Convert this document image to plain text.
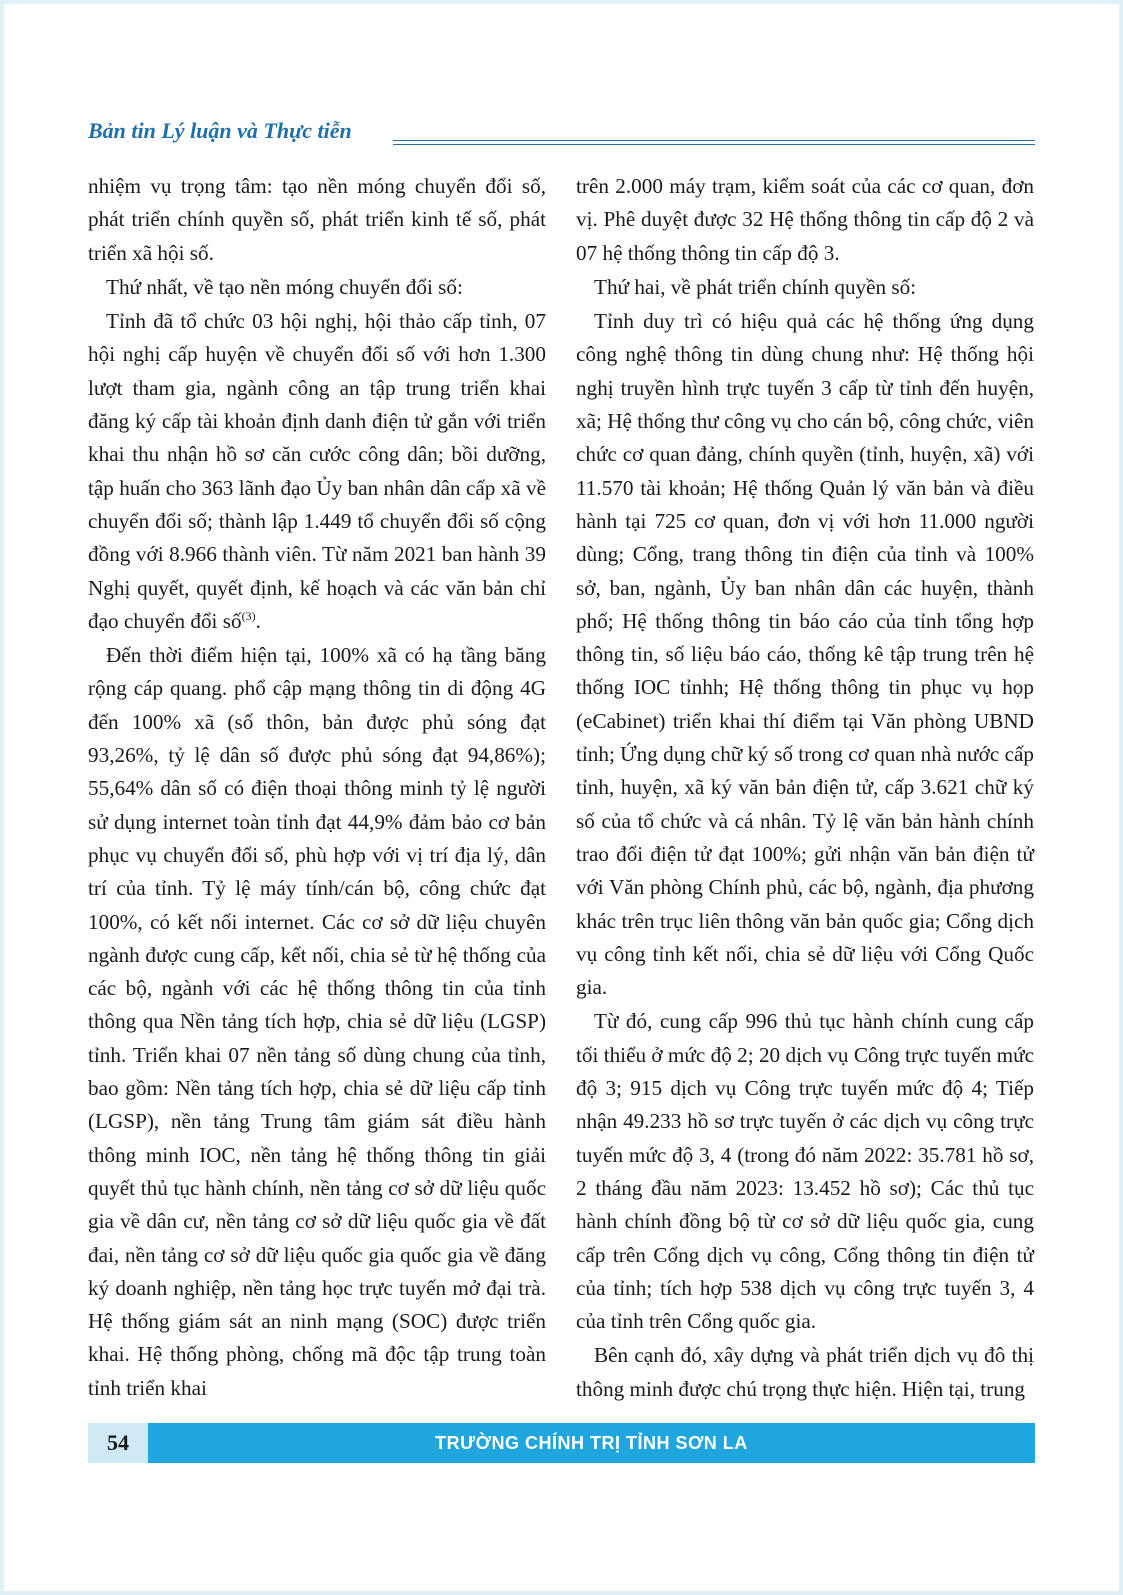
Bản tin Lý luận và Thực tiễn

nhiệm vụ trọng tâm: tạo nền móng chuyển đổi số, phát triển chính quyền số, phát triển kinh tế số, phát triển xã hội số.

Thứ nhất, về tạo nền móng chuyển đổi số:

Tỉnh đã tổ chức 03 hội nghị, hội thảo cấp tỉnh, 07 hội nghị cấp huyện về chuyển đổi số với hơn 1.300 lượt tham gia, ngành công an tập trung triển khai đăng ký cấp tài khoản định danh điện tử gắn với triển khai thu nhận hồ sơ căn cước công dân; bồi dưỡng, tập huấn cho 363 lãnh đạo Ủy ban nhân dân cấp xã về chuyển đổi số; thành lập 1.449 tổ chuyển đổi số cộng đồng với 8.966 thành viên. Từ năm 2021 ban hành 39 Nghị quyết, quyết định, kế hoạch và các văn bản chỉ đạo chuyển đổi số$^{(3)}$.

Đến thời điểm hiện tại, 100% xã có hạ tầng băng rộng cáp quang. phổ cập mạng thông tin di động 4G đến 100% xã (số thôn, bản được phủ sóng đạt 93,26%, tỷ lệ dân số được phủ sóng đạt 94,86%); 55,64% dân số có điện thoại thông minh tỷ lệ người sử dụng internet toàn tỉnh đạt 44,9% đảm bảo cơ bản phục vụ chuyển đổi số, phù hợp với vị trí địa lý, dân trí của tỉnh. Tỷ lệ máy tính/cán bộ, công chức đạt 100%, có kết nối internet. Các cơ sở dữ liệu chuyên ngành được cung cấp, kết nối, chia sẻ từ hệ thống của các bộ, ngành với các hệ thống thông tin của tỉnh thông qua Nền tảng tích hợp, chia sẻ dữ liệu (LGSP) tỉnh. Triển khai 07 nền tảng số dùng chung của tỉnh, bao gồm: Nền tảng tích hợp, chia sẻ dữ liệu cấp tỉnh (LGSP), nền tảng Trung tâm giám sát điều hành thông minh IOC, nền tảng hệ thống thông tin giải quyết thủ tục hành chính, nền tảng cơ sở dữ liệu quốc gia về dân cư, nền tảng cơ sở dữ liệu quốc gia về đất đai, nền tảng cơ sở dữ liệu quốc gia quốc gia về đăng ký doanh nghiệp, nền tảng học trực tuyến mở đại trà. Hệ thống giám sát an ninh mạng (SOC) được triển khai. Hệ thống phòng, chống mã độc tập trung toàn tỉnh triển khai

trên 2.000 máy trạm, kiểm soát của các cơ quan, đơn vị. Phê duyệt được 32 Hệ thống thông tin cấp độ 2 và 07 hệ thống thông tin cấp độ 3.

Thứ hai, về phát triển chính quyền số:

Tỉnh duy trì có hiệu quả các hệ thống ứng dụng công nghệ thông tin dùng chung như: Hệ thống hội nghị truyền hình trực tuyến 3 cấp từ tỉnh đến huyện, xã; Hệ thống thư công vụ cho cán bộ, công chức, viên chức cơ quan đảng, chính quyền (tỉnh, huyện, xã) với 11.570 tài khoản; Hệ thống Quản lý văn bản và điều hành tại 725 cơ quan, đơn vị với hơn 11.000 người dùng; Cổng, trang thông tin điện của tỉnh và 100% sở, ban, ngành, Ủy ban nhân dân các huyện, thành phố; Hệ thống thông tin báo cáo của tỉnh tổng hợp thông tin, số liệu báo cáo, thống kê tập trung trên hệ thống IOC tỉnhh; Hệ thống thông tin phục vụ họp (eCabinet) triển khai thí điểm tại Văn phòng UBND tỉnh; Ứng dụng chữ ký số trong cơ quan nhà nước cấp tỉnh, huyện, xã ký văn bản điện tử, cấp 3.621 chữ ký số của tổ chức và cá nhân. Tỷ lệ văn bản hành chính trao đổi điện tử đạt 100%; gửi nhận văn bản điện tử với Văn phòng Chính phủ, các bộ, ngành, địa phương khác trên trục liên thông văn bản quốc gia; Cổng dịch vụ công tỉnh kết nối, chia sẻ dữ liệu với Cổng Quốc gia.

Từ đó, cung cấp 996 thủ tục hành chính cung cấp tối thiểu ở mức độ 2; 20 dịch vụ Công trực tuyến mức độ 3; 915 dịch vụ Công trực tuyến mức độ 4; Tiếp nhận 49.233 hồ sơ trực tuyến ở các dịch vụ công trực tuyến mức độ 3, 4 (trong đó năm 2022: 35.781 hồ sơ, 2 tháng đầu năm 2023: 13.452 hồ sơ); Các thủ tục hành chính đồng bộ từ cơ sở dữ liệu quốc gia, cung cấp trên Cổng dịch vụ công, Cổng thông tin điện tử của tỉnh; tích hợp 538 dịch vụ công trực tuyến 3, 4 của tỉnh trên Cổng quốc gia.

Bên cạnh đó, xây dựng và phát triển dịch vụ đô thị thông minh được chú trọng thực hiện. Hiện tại, trung

54	TRƯỜNG CHÍNH TRỊ TỈNH SƠN LA
